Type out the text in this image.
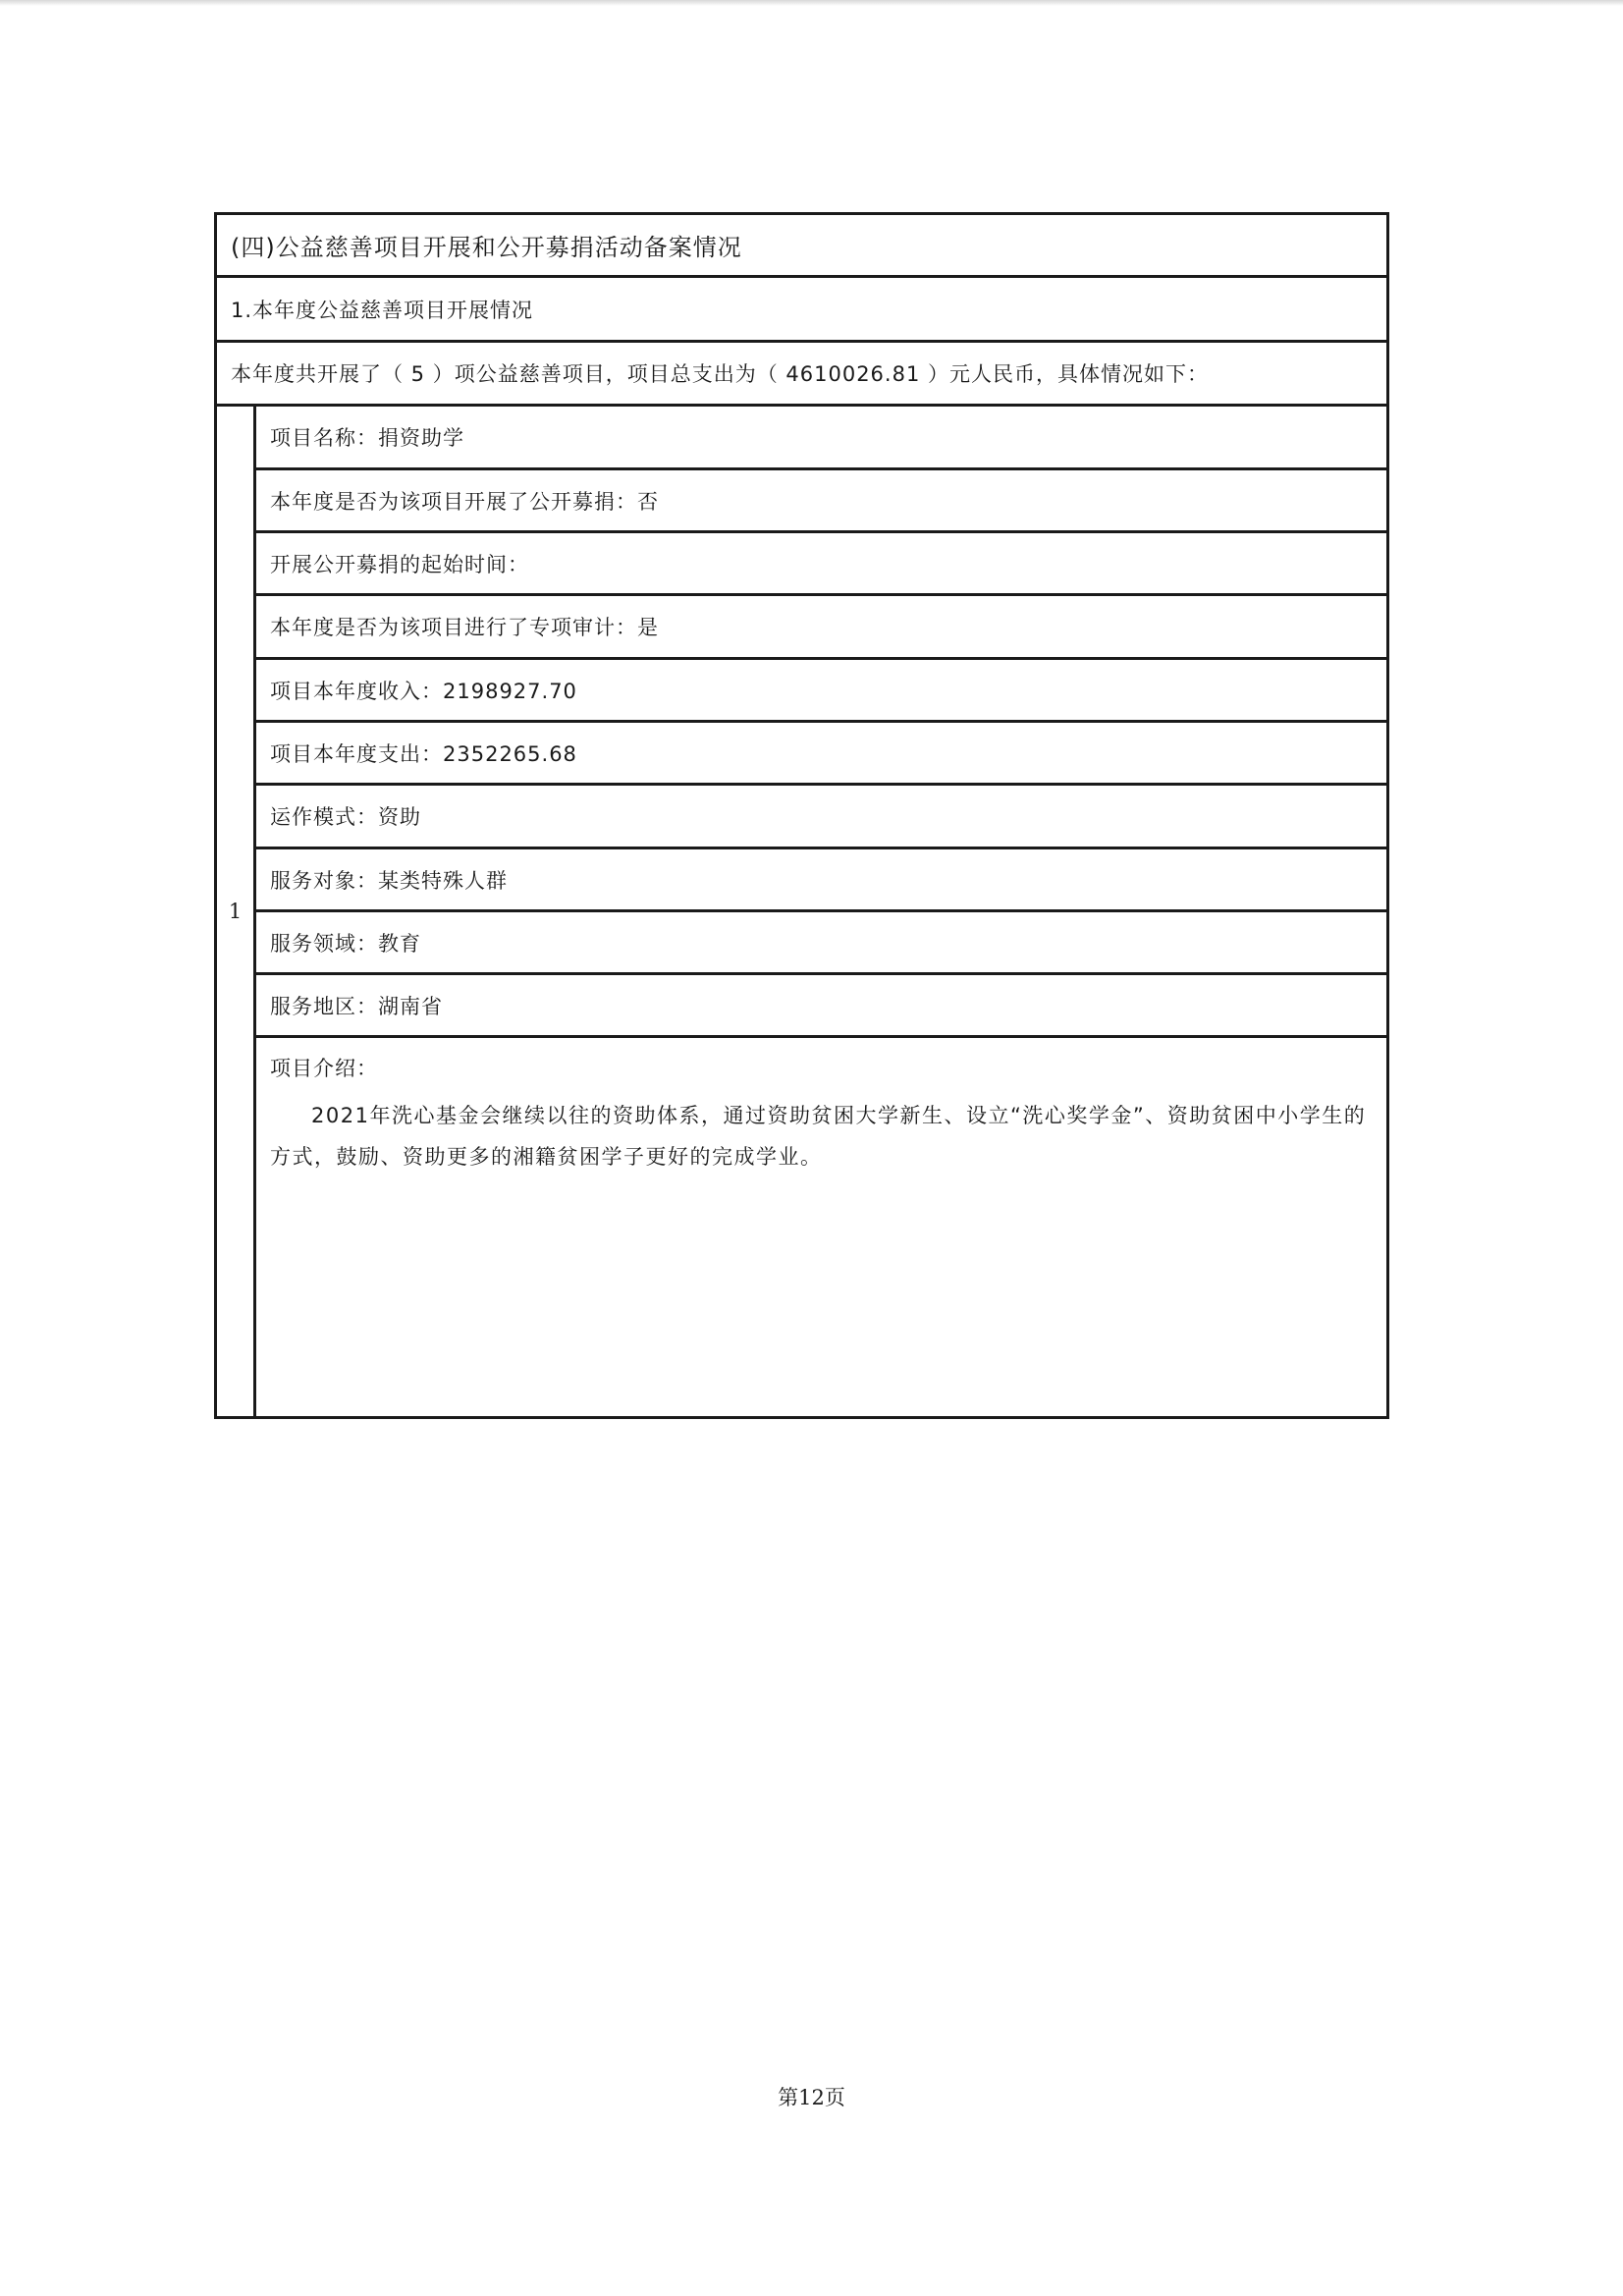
(四)公益慈善项目开展和公开募捐活动备案情况
1.本年度公益慈善项目开展情况
本年度共开展了（ 5 ）项公益慈善项目，项目总支出为（ 4610026.81 ）元人民币，具体情况如下：
1
项目名称：捐资助学
本年度是否为该项目开展了公开募捐：否
开展公开募捐的起始时间：
本年度是否为该项目进行了专项审计：是
项目本年度收入：2198927.70
项目本年度支出：2352265.68
运作模式：资助
服务对象：某类特殊人群
服务领域：教育
服务地区：湖南省
项目介绍：
2021年洗心基金会继续以往的资助体系，通过资助贫困大学新生、设立“洗心奖学金”、资助贫困中小学生的方式，鼓励、资助更多的湘籍贫困学子更好的完成学业。
第12页
